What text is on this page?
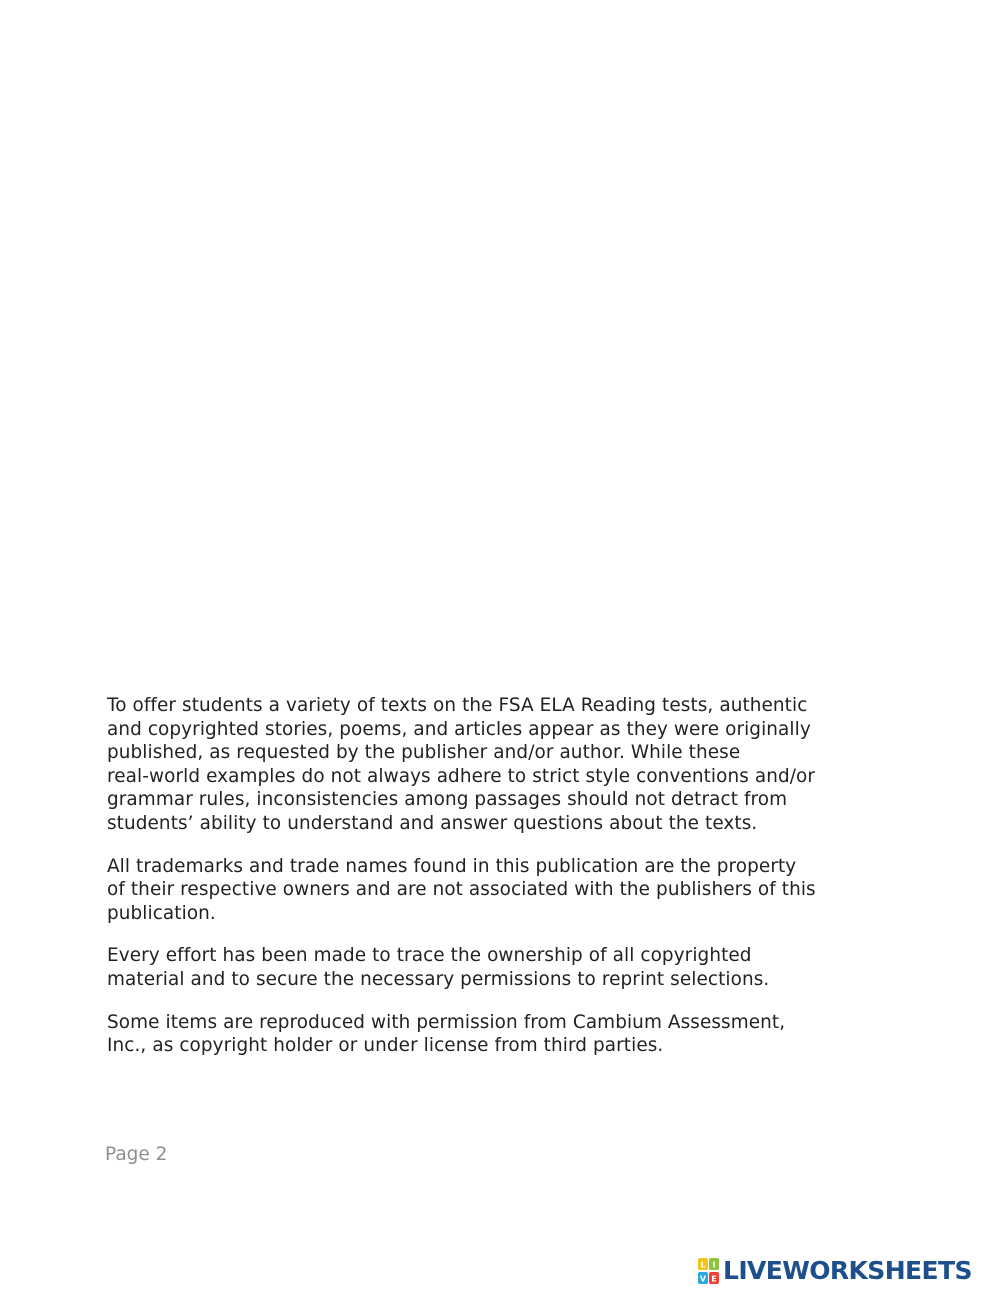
To offer students a variety of texts on the FSA ELA Reading tests, authentic
and copyrighted stories, poems, and articles appear as they were originally
published, as requested by the publisher and/or author. While these
real-world examples do not always adhere to strict style conventions and/or
grammar rules, inconsistencies among passages should not detract from
students’ ability to understand and answer questions about the texts.

All trademarks and trade names found in this publication are the property
of their respective owners and are not associated with the publishers of this
publication.

Every effort has been made to trace the ownership of all copyrighted
material and to secure the necessary permissions to reprint selections.

Some items are reproduced with permission from Cambium Assessment,
Inc., as copyright holder or under license from third parties.

Page 2
L I
V E LIVEWORKSHEETS
